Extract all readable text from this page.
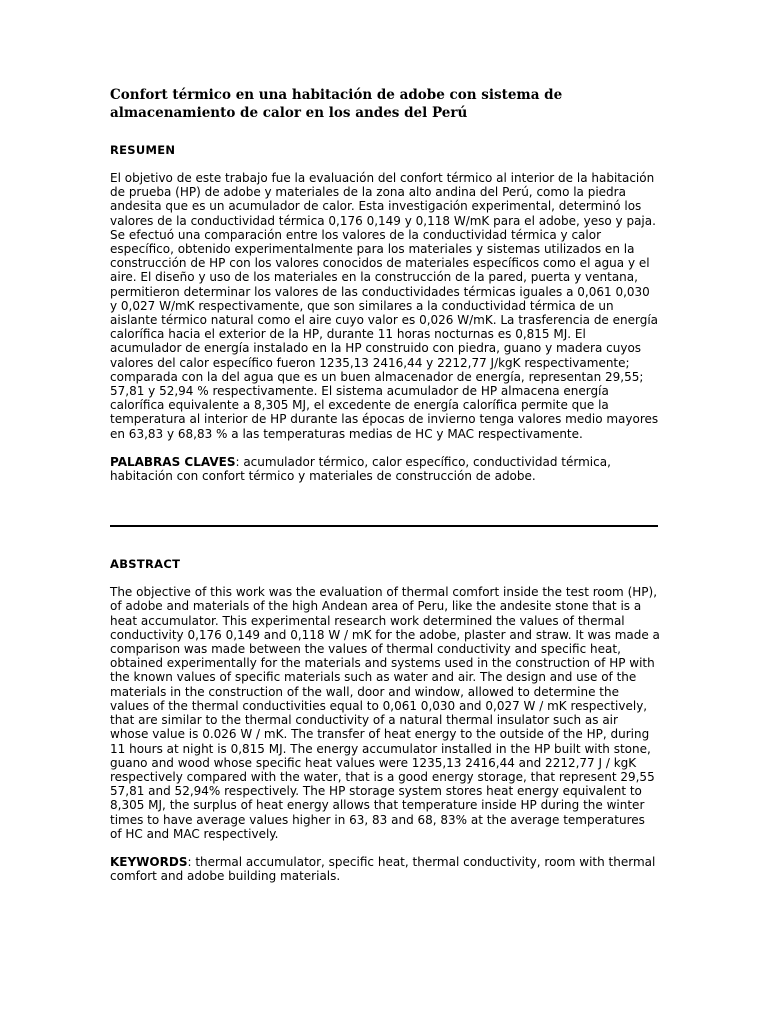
Confort térmico en una habitación de adobe con sistema de almacenamiento de calor en los andes del Perú
RESUMEN

El objetivo de este trabajo fue la evaluación del confort térmico al interior de la habitación de prueba (HP) de adobe y materiales de la zona alto andina del Perú, como la piedra andesita que es un acumulador de calor. Esta investigación experimental, determinó los valores de la conductividad térmica 0,176 0,149 y 0,118 W/mK para el adobe, yeso y paja. Se efectuó una comparación entre los valores de la conductividad térmica y calor específico, obtenido experimentalmente para los materiales y sistemas utilizados en la construcción de HP con los valores conocidos de materiales específicos como el agua y el aire. El diseño y uso de los materiales en la construcción de la pared, puerta y ventana, permitieron determinar los valores de las conductividades térmicas iguales a 0,061 0,030 y 0,027 W/mK respectivamente, que son similares a la conductividad térmica de un aislante térmico natural como el aire cuyo valor es 0,026 W/mK. La trasferencia de energía calorífica hacia el exterior de la HP, durante 11 horas nocturnas es 0,815 MJ. El acumulador de energía instalado en la HP construido con piedra, guano y madera cuyos valores del calor específico fueron 1235,13 2416,44 y 2212,77 J/kgK respectivamente; comparada con la del agua que es un buen almacenador de energía, representan 29,55; 57,81 y 52,94 % respectivamente. El sistema acumulador de HP almacena energía calorífica equivalente a 8,305 MJ, el excedente de energía calorífica permite que la temperatura al interior de HP durante las épocas de invierno tenga valores medio mayores en 63,83 y 68,83 % a las temperaturas medias de HC y MAC respectivamente.

PALABRAS CLAVES: acumulador térmico, calor específico, conductividad térmica, habitación con confort térmico y materiales de construcción de adobe.

ABSTRACT

The objective of this work was the evaluation of thermal comfort inside the test room (HP), of adobe and materials of the high Andean area of Peru, like the andesite stone that is a heat accumulator. This experimental research work determined the values of thermal conductivity 0,176 0,149 and 0,118 W / mK for the adobe, plaster and straw. It was made a comparison was made between the values of thermal conductivity and specific heat, obtained experimentally for the materials and systems used in the construction of HP with the known values of specific materials such as water and air. The design and use of the materials in the construction of the wall, door and window, allowed to determine the values of the thermal conductivities equal to 0,061 0,030 and 0,027 W / mK respectively, that are similar to the thermal conductivity of a natural thermal insulator such as air whose value is 0.026 W / mK. The transfer of heat energy to the outside of the HP, during 11 hours at night is 0,815 MJ. The energy accumulator installed in the HP built with stone, guano and wood whose specific heat values were 1235,13 2416,44 and 2212,77 J / kgK respectively compared with the water, that is a good energy storage, that represent 29,55 57,81 and 52,94% respectively. The HP storage system stores heat energy equivalent to 8,305 MJ, the surplus of heat energy allows that temperature inside HP during the winter times to have average values higher in 63, 83 and 68, 83% at the average temperatures of HC and MAC respectively.

KEYWORDS: thermal accumulator, specific heat, thermal conductivity, room with thermal comfort and adobe building materials.
